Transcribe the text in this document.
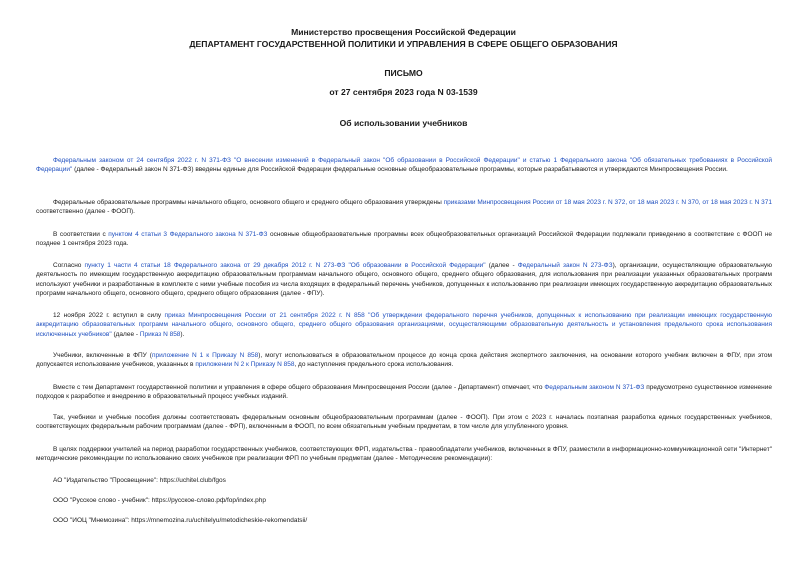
Министерство просвещения Российской Федерации
ДЕПАРТАМЕНТ ГОСУДАРСТВЕННОЙ ПОЛИТИКИ И УПРАВЛЕНИЯ В СФЕРЕ ОБЩЕГО ОБРАЗОВАНИЯ
ПИСЬМО
от 27 сентября 2023 года N 03-1539
Об использовании учебников
Федеральным законом от 24 сентября 2022 г. N 371-ФЗ "О внесении изменений в Федеральный закон "Об образовании в Российской Федерации" и статью 1 Федерального закона "Об обязательных требованиях в Российской Федерации" (далее - Федеральный закон N 371-ФЗ) введены единые для Российской Федерации федеральные основные общеобразовательные программы, которые разрабатываются и утверждаются Минпросвещения России.
Федеральные образовательные программы начального общего, основного общего и среднего общего образования утверждены приказами Минпросвещения России от 18 мая 2023 г. N 372, от 18 мая 2023 г. N 370, от 18 мая 2023 г. N 371 соответственно (далее - ФООП).
В соответствии с пунктом 4 статьи 3 Федерального закона N 371-ФЗ основные общеобразовательные программы всех общеобразовательных организаций Российской Федерации подлежали приведению в соответствие с ФООП не позднее 1 сентября 2023 года.
Согласно пункту 1 части 4 статьи 18 Федерального закона от 29 декабря 2012 г. N 273-ФЗ "Об образовании в Российской Федерации" (далее - Федеральный закон N 273-ФЗ), организации, осуществляющие образовательную деятельность по имеющим государственную аккредитацию образовательным программам начального общего, основного общего, среднего общего образования, для использования при реализации указанных образовательных программ используют учебники и разработанные в комплекте с ними учебные пособия из числа входящих в федеральный перечень учебников, допущенных к использованию при реализации имеющих государственную аккредитацию образовательных программ начального общего, основного общего, среднего общего образования (далее - ФПУ).
12 ноября 2022 г. вступил в силу приказ Минпросвещения России от 21 сентября 2022 г. N 858 "Об утверждении федерального перечня учебников, допущенных к использованию при реализации имеющих государственную аккредитацию образовательных программ начального общего, основного общего, среднего общего образования организациями, осуществляющими образовательную деятельность и установления предельного срока использования исключенных учебников" (далее - Приказ N 858).
Учебники, включенные в ФПУ (приложение N 1 к Приказу N 858), могут использоваться в образовательном процессе до конца срока действия экспертного заключения, на основании которого учебник включен в ФПУ, при этом допускается использование учебников, указанных в приложении N 2 к Приказу N 858, до наступления предельного срока использования.
Вместе с тем Департамент государственной политики и управления в сфере общего образования Минпросвещения России (далее - Департамент) отмечает, что Федеральным законом N 371-ФЗ предусмотрено существенное изменение подходов к разработке и внедрению в образовательный процесс учебных изданий.
Так, учебники и учебные пособия должны соответствовать федеральным основным общеобразовательным программам (далее - ФООП). При этом с 2023 г. началась поэтапная разработка единых государственных учебников, соответствующих федеральным рабочим программам (далее - ФРП), включенным в ФООП, по всем обязательным учебным предметам, в том числе для углубленного уровня.
В целях поддержки учителей на период разработки государственных учебников, соответствующих ФРП, издательства - правообладатели учебников, включенных в ФПУ, разместили в информационно-коммуникационной сети "Интернет" методические рекомендации по использованию своих учебников при реализации ФРП по учебным предметам (далее - Методические рекомендации):
АО "Издательство "Просвещение": https://uchitel.club/fgos
ООО "Русское слово - учебник": https://русское-слово.рф/fop/index.php
ООО "ИОЦ "Мнемозина": https://mnemozina.ru/uchitelyu/metodicheskie-rekomendatsii/
